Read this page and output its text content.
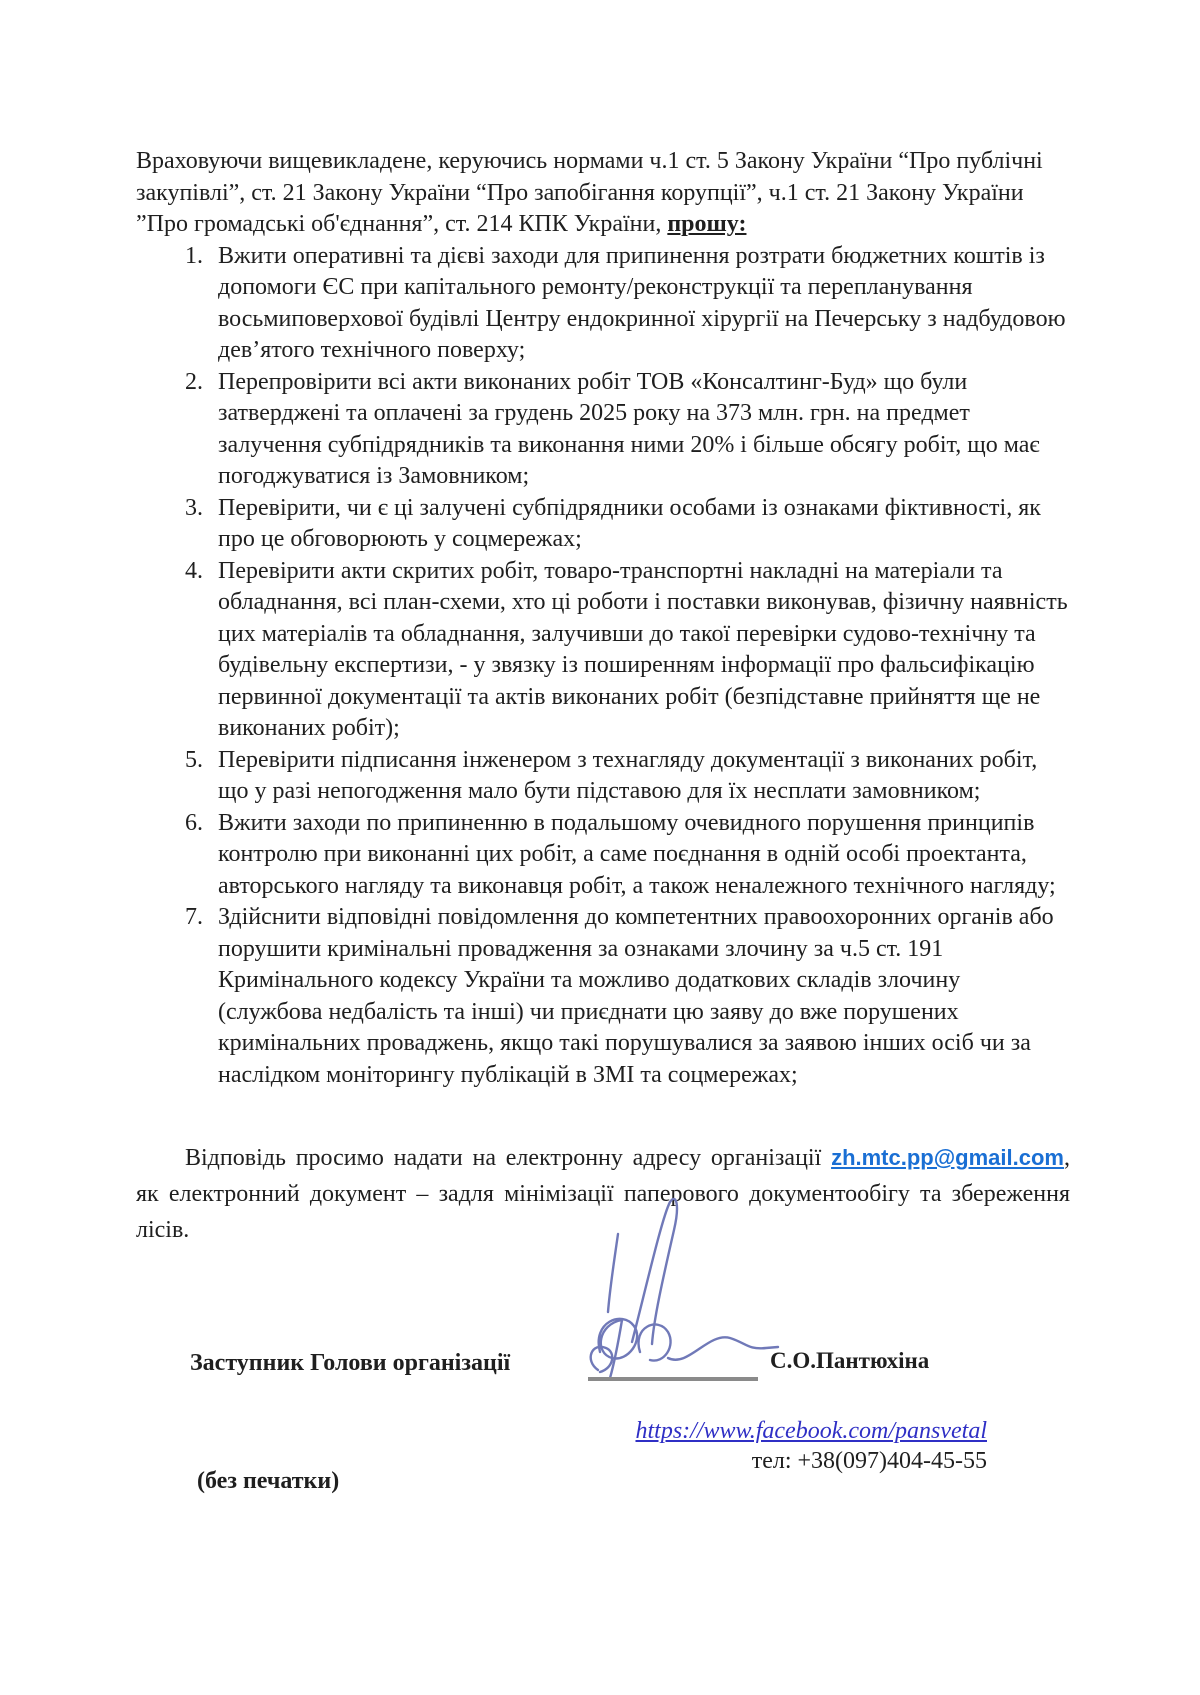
Враховуючи вищевикладене, керуючись нормами ч.1 ст. 5 Закону України “Про публічні закупівлі”, ст. 21 Закону України “Про запобігання корупції”, ч.1 ст. 21 Закону України ”Про громадські об'єднання”, ст. 214 КПК України, прошу:

1. Вжити оперативні та дієві заходи для припинення розтрати бюджетних коштів із допомоги ЄС при капітального ремонту/реконструкції та перепланування восьмиповерхової будівлі Центру ендокринної хірургії на Печерську з надбудовою дев’ятого технічного поверху;
2. Перепровірити всі акти виконаних робіт ТОВ «Консалтинг-Буд» що були затверджені та оплачені за грудень 2025 року на 373 млн. грн. на предмет залучення субпідрядників та виконання ними 20% і більше обсягу робіт, що має погоджуватися із Замовником;
3. Перевірити, чи є ці залучені субпідрядники особами із ознаками фіктивності, як про це обговорюють у соцмережах;
4. Перевірити акти скритих робіт, товаро-транспортні накладні на матеріали та обладнання, всі план-схеми, хто ці роботи і поставки виконував, фізичну наявність цих матеріалів та обладнання, залучивши до такої перевірки судово-технічну та будівельну експертизи, - у звязку із поширенням інформації про фальсифікацію первинної документації та актів виконаних робіт (безпідставне прийняття ще не виконаних робіт);
5. Перевірити підписання інженером з технагляду документації з виконаних робіт, що у разі непогодження мало бути підставою для їх несплати замовником;
6. Вжити заходи по припиненню в подальшому очевидного порушення принципів контролю при виконанні цих робіт, а саме поєднання в одній особі проектанта, авторського нагляду та виконавця робіт, а також неналежного технічного нагляду;
7. Здійснити відповідні повідомлення до компетентних правоохоронних органів або порушити кримінальні провадження за ознаками злочину за ч.5 ст. 191 Кримінального кодексу України та можливо додаткових складів злочину (службова недбалість та інші) чи приєднати цю заяву до вже порушених кримінальних проваджень, якщо такі порушувалися за заявою інших осіб чи за наслідком моніторингу публікацій в ЗМІ та соцмережах;

Відповідь просимо надати на електронну адресу організації zh.mtc.pp@gmail.com, як електронний документ – задля мінімізації паперового документообігу та збереження лісів.

Заступник Голови організації	С.О.Пантюхіна
https://www.facebook.com/pansvetal
тел: +38(097)404-45-55
(без печатки)
